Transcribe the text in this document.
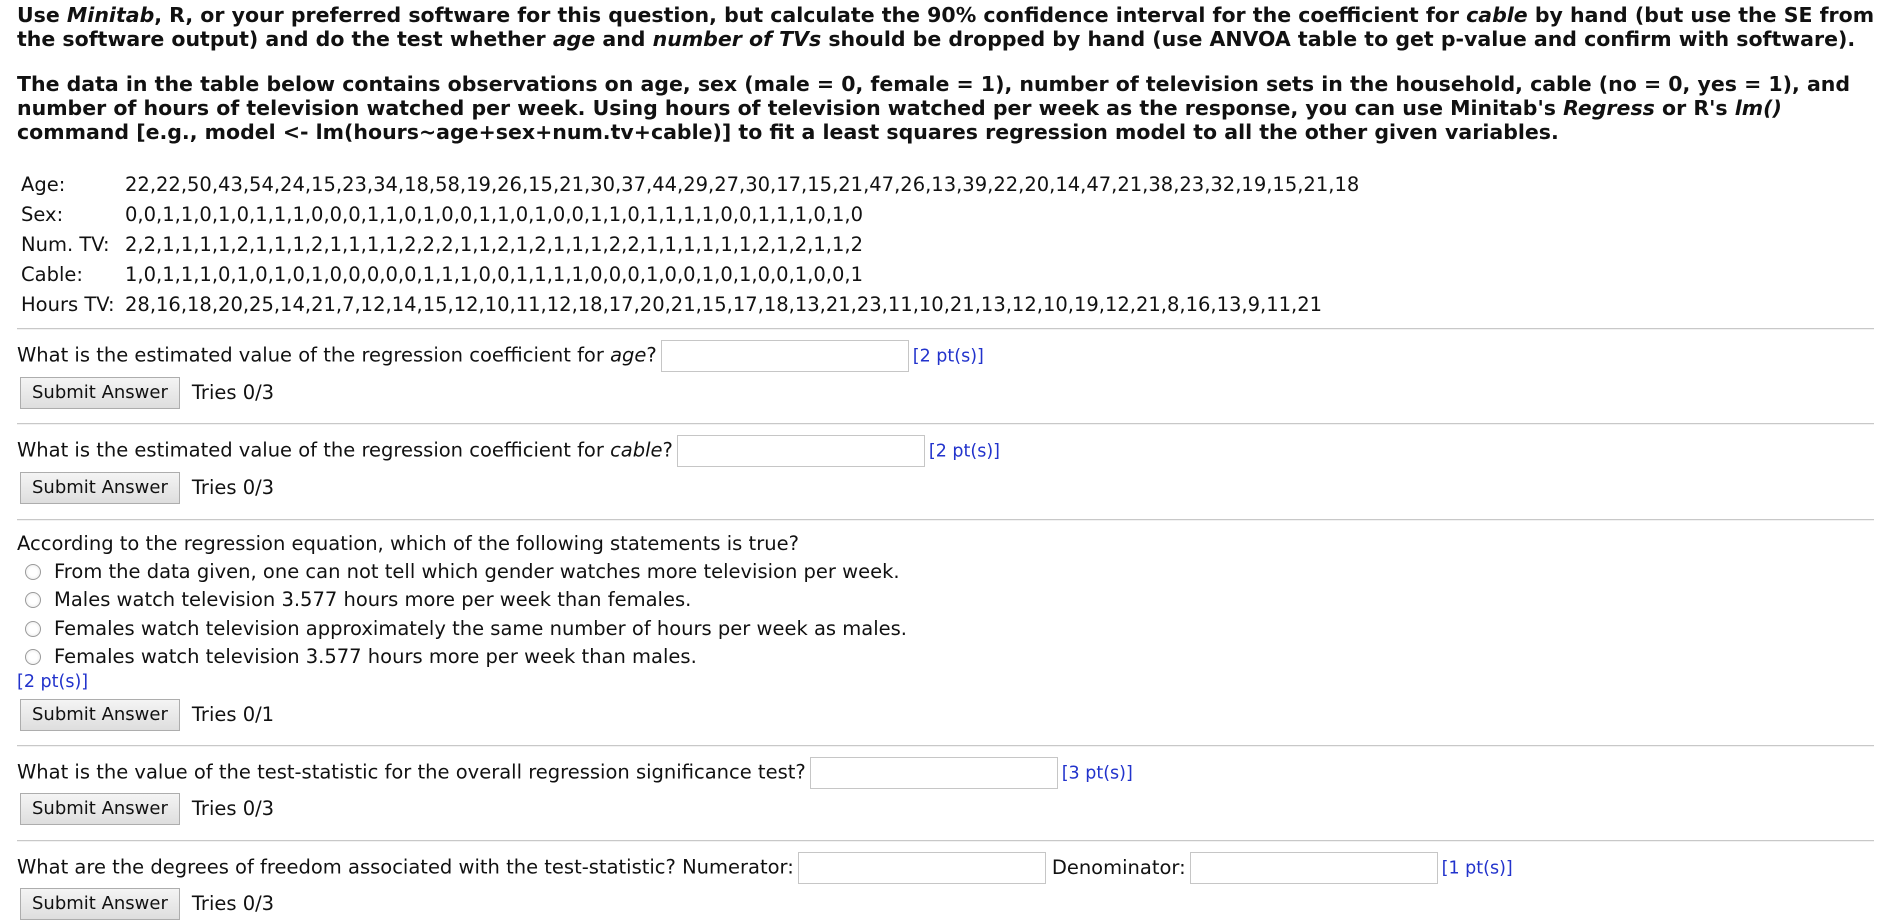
Use Minitab, R, or your preferred software for this question, but calculate the 90% confidence interval for the coefficient for cable by hand (but use the SE from the software output) and do the test whether age and number of TVs should be dropped by hand (use ANVOA table to get p-value and confirm with software).

The data in the table below contains observations on age, sex (male = 0, female = 1), number of television sets in the household, cable (no = 0, yes = 1), and number of hours of television watched per week. Using hours of television watched per week as the response, you can use Minitab's Regress or R's lm() command [e.g., model <- lm(hours~age+sex+num.tv+cable)] to fit a least squares regression model to all the other given variables.

Age:	22,22,50,43,54,24,15,23,34,18,58,19,26,15,21,30,37,44,29,27,30,17,15,21,47,26,13,39,22,20,14,47,21,38,23,32,19,15,21,18
Sex:	0,0,1,1,0,1,0,1,1,1,0,0,0,1,1,0,1,0,0,1,1,0,1,0,0,1,1,0,1,1,1,1,0,0,1,1,1,0,1,0
Num. TV:	2,2,1,1,1,1,2,1,1,1,2,1,1,1,1,2,2,2,1,1,2,1,2,1,1,1,2,2,1,1,1,1,1,1,2,1,2,1,1,2
Cable:	1,0,1,1,1,0,1,0,1,0,1,0,0,0,0,0,1,1,1,0,0,1,1,1,1,0,0,0,1,0,0,1,0,1,0,0,1,0,0,1
Hours TV:	28,16,18,20,25,14,21,7,12,14,15,12,10,11,12,18,17,20,21,15,17,18,13,21,23,11,10,21,13,12,10,19,12,21,8,16,13,9,11,21
What is the estimated value of the regression coefficient for age?	[2 pt(s)]
Submit Answer Tries 0/3
What is the estimated value of the regression coefficient for cable?	[2 pt(s)]
Submit Answer Tries 0/3
According to the regression equation, which of the following statements is true?
From the data given, one can not tell which gender watches more television per week.
Males watch television 3.577 hours more per week than females.
Females watch television approximately the same number of hours per week as males.
Females watch television 3.577 hours more per week than males.
[2 pt(s)]
Submit Answer Tries 0/1
What is the value of the test-statistic for the overall regression significance test?	[3 pt(s)]
Submit Answer Tries 0/3
What are the degrees of freedom associated with the test-statistic? Numerator:	Denominator:	[1 pt(s)]
Submit Answer Tries 0/3
